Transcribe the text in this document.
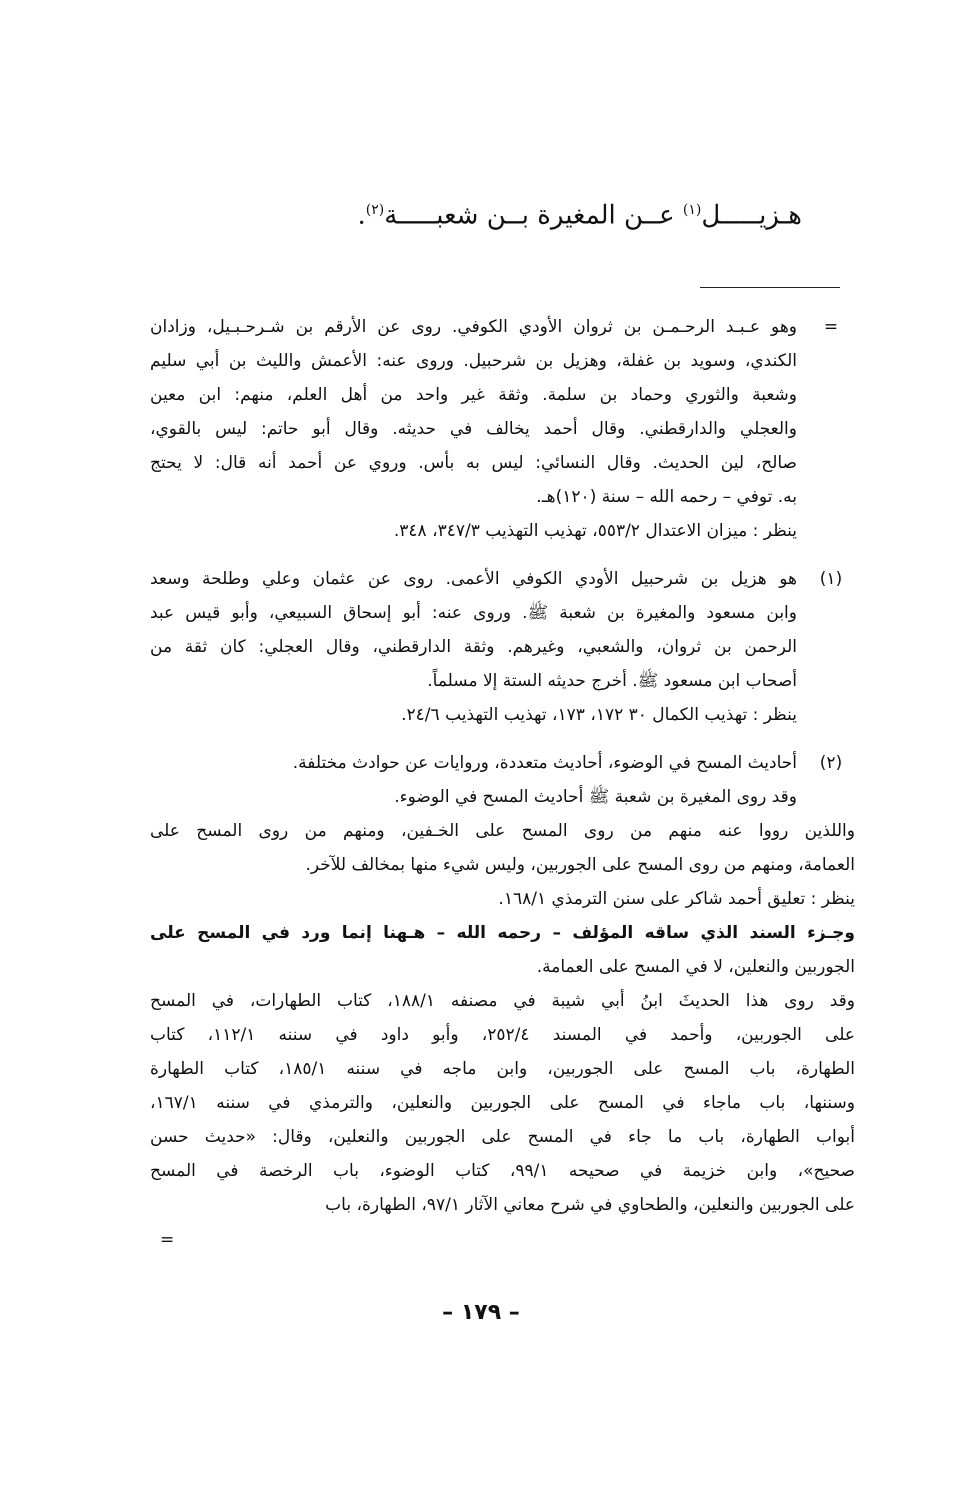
هـزيـــــل$^{(١)}$ عــن المغيرة بــن شعبـــــة$^{(٢)}$.
=
وهو عـبـد الرحـمـن بن ثروان الأودي الكوفي. روى عن الأرقم بن شـرحـبـيل، وزادان
الكندي، وسويد بن غفلة، وهزيل بن شرحبيل. وروى عنه: الأعمش والليث بن أبي سليم
وشعبة والثوري وحماد بن سلمة. وثقة غير واحد من أهل العلم، منهم: ابن معين
والعجلي والدارقطني. وقال أحمد يخالف في حديثه. وقال أبو حاتم: ليس بالقوي،
صالح، لين الحديث. وقال النسائي: ليس به بأس. وروي عن أحمد أنه قال: لا يحتج
به. توفي – رحمه الله – سنة (١٢٠)هـ.
ينظر : ميزان الاعتدال ٥٥٣/٢، تهذيب التهذيب ٣٤٧/٣، ٣٤٨.
(١)
هو هزيل بن شرحبيل الأودي الكوفي الأعمى. روى عن عثمان وعلي وطلحة وسعد
وابن مسعود والمغيرة بن شعبة ﷺ. وروى عنه: أبو إسحاق السبيعي، وأبو قيس عبد
الرحمن بن ثروان، والشعبي، وغيرهم. وثقة الدارقطني، وقال العجلي: كان ثقة من
أصحاب ابن مسعود ﷺ. أخرج حديثه الستة إلا مسلماً.
ينظر : تهذيب الكمال ٣٠ ١٧٢، ١٧٣، تهذيب التهذيب ٢٤/٦.
(٢)
أحاديث المسح في الوضوء، أحاديث متعددة، وروايات عن حوادث مختلفة.
وقد روى المغيرة بن شعبة ﷺ أحاديث المسح في الوضوء.
واللذين رووا عنه منهم من روى المسح على الخـفين، ومنهم من روى المسح على
العمامة، ومنهم من روى المسح على الجوربين، وليس شيء منها بمخالف للآخر.
ينظر : تعليق أحمد شاكر على سنن الترمذي ١٦٨/١.
وجـزء السند الذي ساقه المؤلف – رحمه الله – هـهنا إنما ورد في المسح على
الجوربين والنعلين، لا في المسح على العمامة.
وقد روى هذا الحديثَ ابنُ أبي شيبة في مصنفه ١٨٨/١، كتاب الطهارات، في المسح
على الجوربين، وأحمد في المسند ٢٥٢/٤، وأبو داود في سننه ١١٢/١، كتاب
الطهارة، باب المسح على الجوربين، وابن ماجه في سننه ١٨٥/١، كتاب الطهارة
وسننها، باب ماجاء في المسح على الجوربين والنعلين، والترمذي في سننه ١٦٧/١،
أبواب الطهارة، باب ما جاء في المسح على الجوربين والنعلين، وقال: «حديث حسن
صحيح»، وابن خزيمة في صحيحه ٩٩/١، كتاب الوضوء، باب الرخصة في المسح
على الجوربين والنعلين، والطحاوي في شرح معاني الآثار ٩٧/١، الطهارة، باب
=
– ١٧٩ –
